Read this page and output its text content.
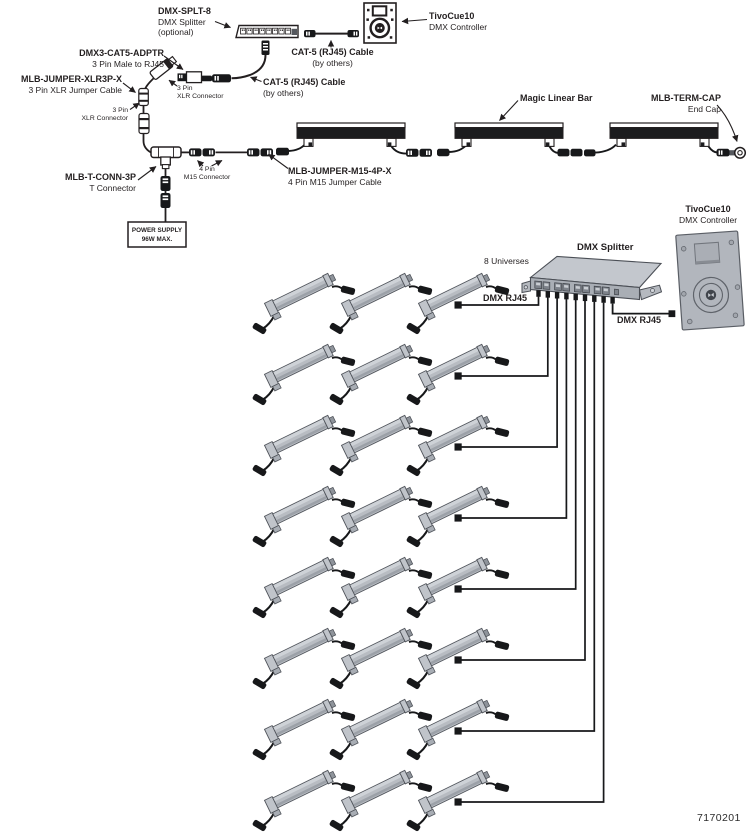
DMX-SPLT-8
DMX Splitter
(optional)
TivoCue10
DMX Controller
CAT-5 (RJ45) Cable
(by others)
CAT-5 (RJ45) Cable
(by others)
DMX3-CAT5-ADPTR
3 Pin Male to RJ45
MLB-JUMPER-XLR3P-X
3 Pin XLR Jumper Cable	3 Pin
XLR Connector
3 Pin
XLR Connector
MLB-T-CONN-3P
T Connector
4 Pin
M15 Connector
MLB-JUMPER-M15-4P-X
4 Pin M15 Jumper Cable
Magic Linear Bar	MLB-TERM-CAP
End Cap
POWER SUPPLY
96W MAX.
8 Universes
DMX Splitter
DMX RJ45
DMX RJ45
TivoCue10
DMX Controller
7170201
